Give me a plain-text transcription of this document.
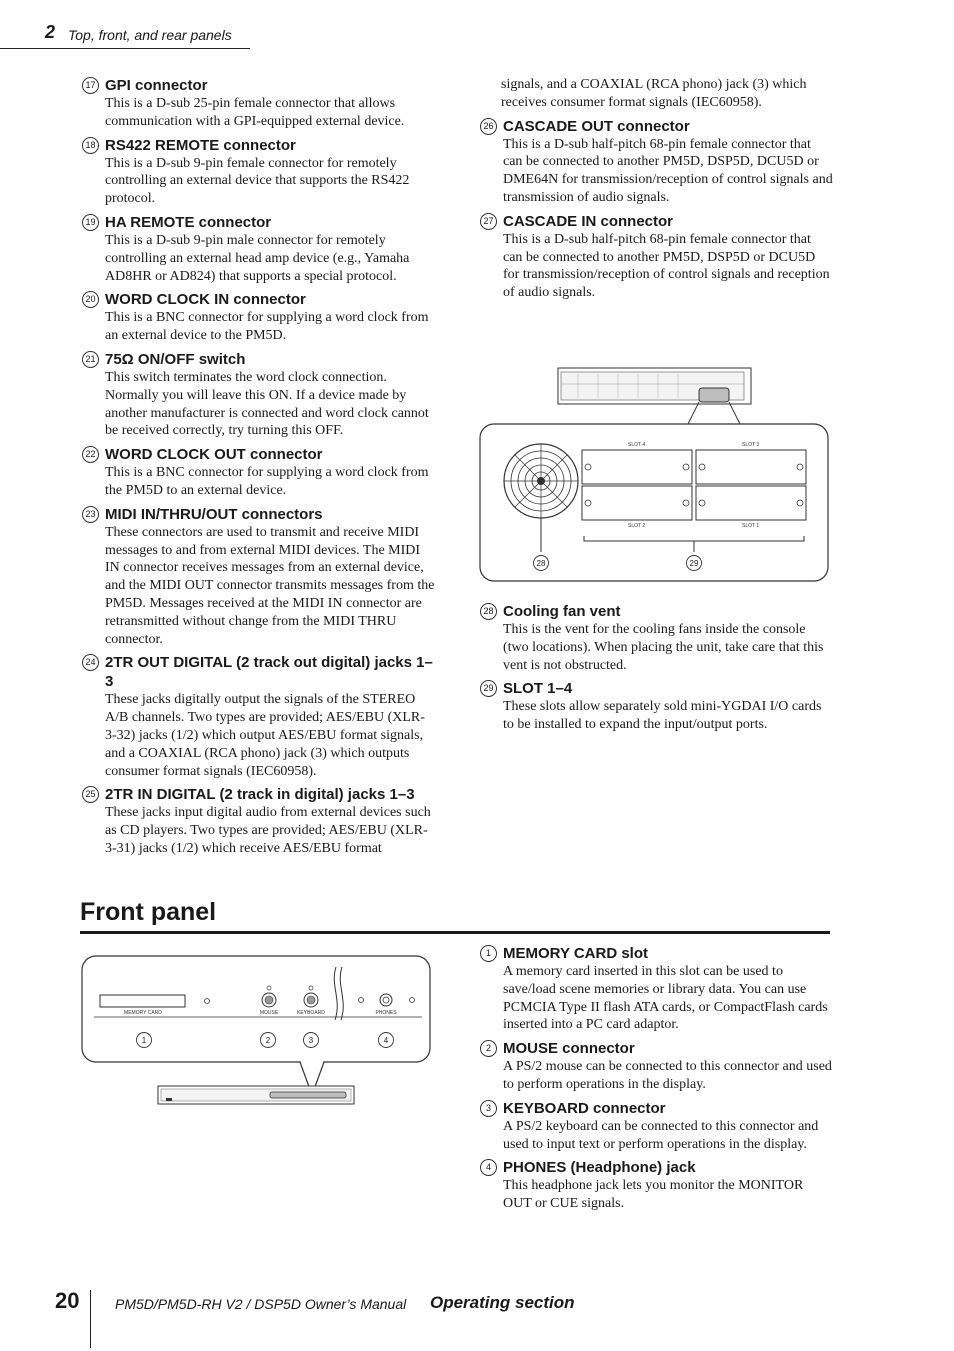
2 Top, front, and rear panels
17 GPI connector
This is a D-sub 25-pin female connector that allows communication with a GPI-equipped external device.
18 RS422 REMOTE connector
This is a D-sub 9-pin female connector for remotely controlling an external device that supports the RS422 protocol.
19 HA REMOTE connector
This is a D-sub 9-pin male connector for remotely controlling an external head amp device (e.g., Yamaha AD8HR or AD824) that supports a special protocol.
20 WORD CLOCK IN connector
This is a BNC connector for supplying a word clock from an external device to the PM5D.
21 75Ω ON/OFF switch
This switch terminates the word clock connection. Normally you will leave this ON. If a device made by another manufacturer is connected and word clock cannot be received correctly, try turning this OFF.
22 WORD CLOCK OUT connector
This is a BNC connector for supplying a word clock from the PM5D to an external device.
23 MIDI IN/THRU/OUT connectors
These connectors are used to transmit and receive MIDI messages to and from external MIDI devices. The MIDI IN connector receives messages from an external device, and the MIDI OUT connector transmits messages from the PM5D. Messages received at the MIDI IN connector are retransmitted without change from the MIDI THRU connector.
24 2TR OUT DIGITAL (2 track out digital) jacks 1–3
These jacks digitally output the signals of the STEREO A/B channels. Two types are provided; AES/EBU (XLR-3-32) jacks (1/2) which output AES/EBU format signals, and a COAXIAL (RCA phono) jack (3) which outputs consumer format signals (IEC60958).
25 2TR IN DIGITAL (2 track in digital) jacks 1–3
These jacks input digital audio from external devices such as CD players. Two types are provided; AES/EBU (XLR-3-31) jacks (1/2) which receive AES/EBU format
signals, and a COAXIAL (RCA phono) jack (3) which receives consumer format signals (IEC60958).
26 CASCADE OUT connector
This is a D-sub half-pitch 68-pin female connector that can be connected to another PM5D, DSP5D, DCU5D or DME64N for transmission/reception of control signals and transmission of audio signals.
27 CASCADE IN connector
This is a D-sub half-pitch 68-pin female connector that can be connected to another PM5D, DSP5D or DCU5D for transmission/reception of control signals and reception of audio signals.
SLOT 4	SLOT 3
SLOT 2	SLOT 1
28	29
28 Cooling fan vent
This is the vent for the cooling fans inside the console (two locations). When placing the unit, take care that this vent is not obstructed.
29 SLOT 1–4
These slots allow separately sold mini-YGDAI I/O cards to be installed to expand the input/output ports.
Front panel
MEMORY CARD	MOUSE	KEYBOARD	PHONES
1	2	3	4
1 MEMORY CARD slot
A memory card inserted in this slot can be used to save/load scene memories or library data. You can use PCMCIA Type II flash ATA cards, or CompactFlash cards inserted into a PC card adaptor.
2 MOUSE connector
A PS/2 mouse can be connected to this connector and used to perform operations in the display.
3 KEYBOARD connector
A PS/2 keyboard can be connected to this connector and used to input text or perform operations in the display.
4 PHONES (Headphone) jack
This headphone jack lets you monitor the MONITOR OUT or CUE signals.
20	PM5D/PM5D-RH V2 / DSP5D Owner’s Manual Operating section
